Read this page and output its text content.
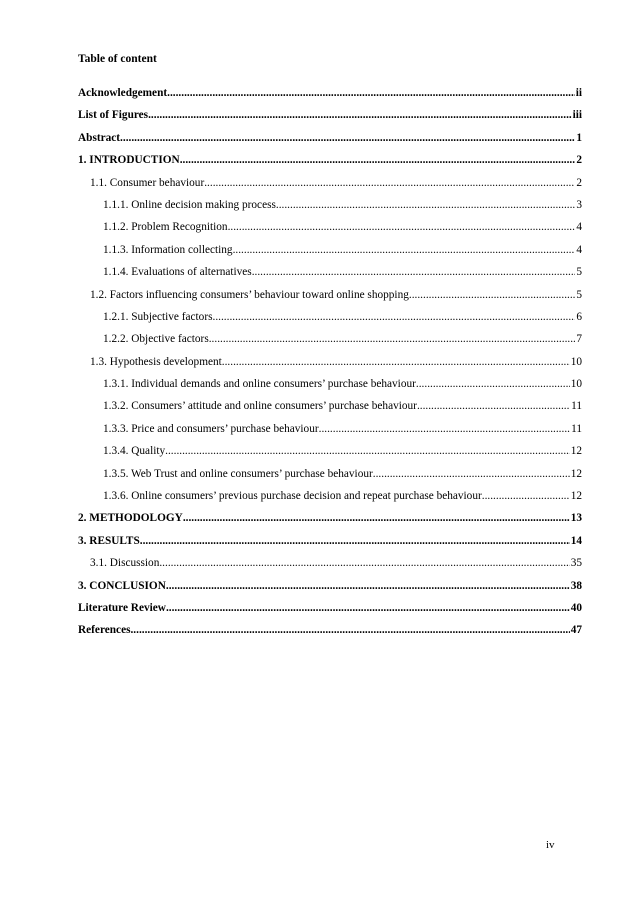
Table of content
Acknowledgement .....	ii
List of Figures .....	iii
Abstract .....	1
1. INTRODUCTION .....	2
1.1. Consumer behaviour .....	2
1.1.1. Online decision making process .....	3
1.1.2. Problem Recognition .....	4
1.1.3. Information collecting .....	4
1.1.4. Evaluations of alternatives .....	5
1.2. Factors influencing consumers’ behaviour toward online shopping .....	5
1.2.1. Subjective factors .....	6
1.2.2. Objective factors .....	7
1.3. Hypothesis development .....	10
1.3.1. Individual demands and online consumers’ purchase behaviour .....	10
1.3.2. Consumers’ attitude and online consumers’ purchase behaviour .....	11
1.3.3. Price and consumers’ purchase behaviour .....	11
1.3.4. Quality .....	12
1.3.5. Web Trust and online consumers’ purchase behaviour .....	12
1.3.6. Online consumers’ previous purchase decision and repeat purchase behaviour .....	12
2. METHODOLOGY .....	13
3. RESULTS .....	14
3.1. Discussion .....	35
3. CONCLUSION .....	38
Literature Review .....	40
References .....	47
iv
